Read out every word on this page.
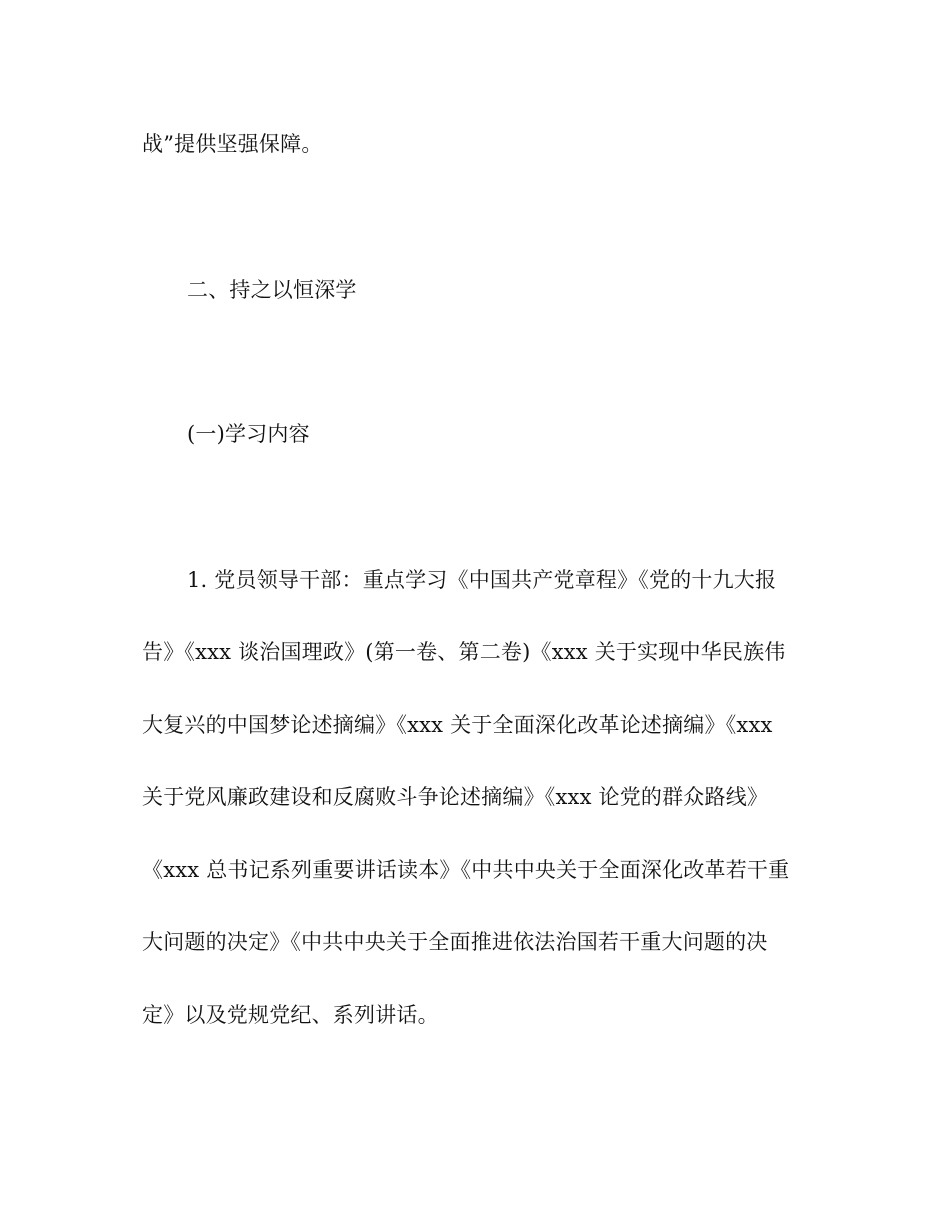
战”提供坚强保障。
二、持之以恒深学
(一)学习内容
1. 党员领导干部：重点学习《中国共产党章程》《党的十九大报
告》《xxx 谈治国理政》(第一卷、第二卷)《xxx 关于实现中华民族伟
大复兴的中国梦论述摘编》《xxx 关于全面深化改革论述摘编》《xxx
关于党风廉政建设和反腐败斗争论述摘编》《xxx 论党的群众路线》
《xxx 总书记系列重要讲话读本》《中共中央关于全面深化改革若干重
大问题的决定》《中共中央关于全面推进依法治国若干重大问题的决
定》以及党规党纪、系列讲话。
